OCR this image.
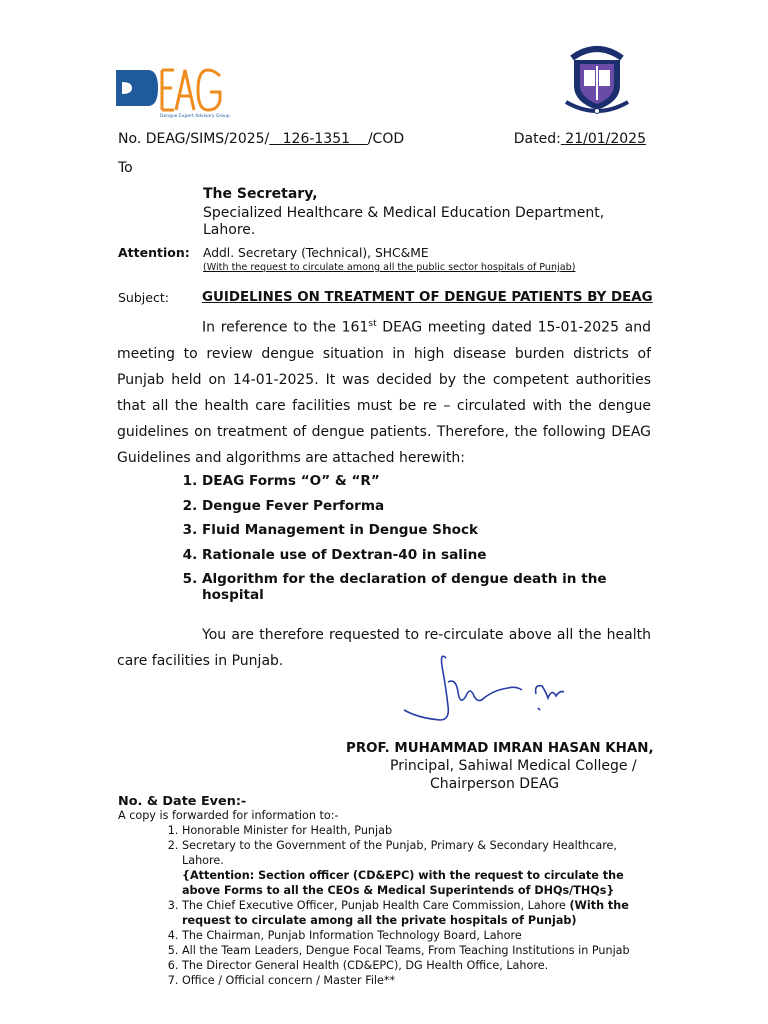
Dengue Expert Advisory Group
No. DEAG/SIMS/2025/ 126-1351 /COD	Dated: 21/01/2025
To
The Secretary,
Specialized Healthcare & Medical Education Department,
Lahore.
Attention: Addl. Secretary (Technical), SHC&ME
(With the request to circulate among all the public sector hospitals of Punjab)
Subject: GUIDELINES ON TREATMENT OF DENGUE PATIENTS BY DEAG
In reference to the 161st DEAG meeting dated 15-01-2025 and meeting to review dengue situation in high disease burden districts of Punjab held on 14-01-2025. It was decided by the competent authorities that all the health care facilities must be re – circulated with the dengue guidelines on treatment of dengue patients. Therefore, the following DEAG Guidelines and algorithms are attached herewith:
1. DEAG Forms “O” & “R”
2. Dengue Fever Performa
3. Fluid Management in Dengue Shock
4. Rationale use of Dextran-40 in saline
5. Algorithm for the declaration of dengue death in the hospital
You are therefore requested to re-circulate above all the health care facilities in Punjab.
PROF. MUHAMMAD IMRAN HASAN KHAN,
Principal, Sahiwal Medical College /
Chairperson DEAG
No. & Date Even:-
A copy is forwarded for information to:-
1. Honorable Minister for Health, Punjab
2. Secretary to the Government of the Punjab, Primary & Secondary Healthcare, Lahore.
{Attention: Section officer (CD&EPC) with the request to circulate the above Forms to all the CEOs & Medical Superintends of DHQs/THQs}
3. The Chief Executive Officer, Punjab Health Care Commission, Lahore (With the request to circulate among all the private hospitals of Punjab)
4. The Chairman, Punjab Information Technology Board, Lahore
5. All the Team Leaders, Dengue Focal Teams, From Teaching Institutions in Punjab
6. The Director General Health (CD&EPC), DG Health Office, Lahore.
7. Office / Official concern / Master File**
